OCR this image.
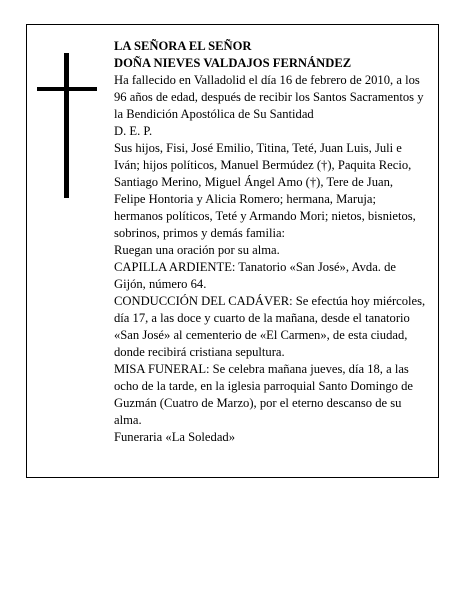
LA SEÑORA EL SEÑOR

DOÑA NIEVES VALDAJOS FERNÁNDEZ

Ha fallecido en Valladolid el día 16 de febrero de 2010, a los 96 años de edad, después de recibir los Santos Sacramentos y la Bendición Apostólica de Su Santidad

D. E. P.

Sus hijos, Fisi, José Emilio, Titina, Teté, Juan Luis, Juli e Iván; hijos políticos, Manuel Bermúdez (†), Paquita Recio, Santiago Merino, Miguel Ángel Amo (†), Tere de Juan, Felipe Hontoria y Alicia Romero; hermana, Maruja; hermanos políticos, Teté y Armando Mori; nietos, bisnietos, sobrinos, primos y demás familia:

Ruegan una oración por su alma.

CAPILLA ARDIENTE: Tanatorio «San José», Avda. de Gijón, número 64.

CONDUCCIÓN DEL CADÁVER: Se efectúa hoy miércoles, día 17, a las doce y cuarto de la mañana, desde el tanatorio «San José» al cementerio de «El Carmen», de esta ciudad, donde recibirá cristiana sepultura.

MISA FUNERAL: Se celebra mañana jueves, día 18, a las ocho de la tarde, en la iglesia parroquial Santo Domingo de Guzmán (Cuatro de Marzo), por el eterno descanso de su alma.

Funeraria «La Soledad»
